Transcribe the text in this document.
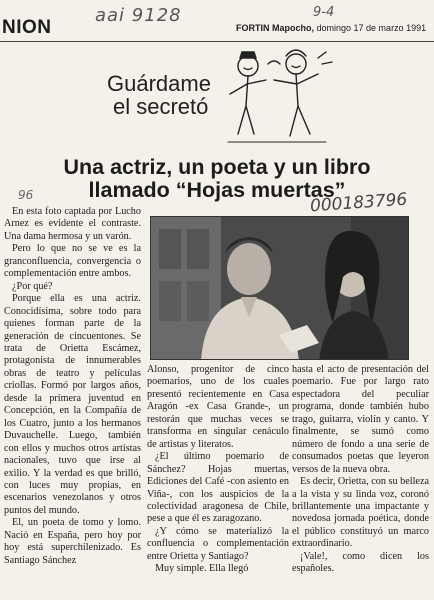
NION
aai 9128	9-4
FORTIN Mapocho, domingo 17 de marzo 1991
Guárdame
el secretó
Una actriz, un poeta y un libro
llamado “Hojas muertas”
96	000183796

En esta foto captada por Lucho Arnez es evidente el contraste. Una dama hermosa y un varón.

Pero lo que no se ve es la granconfluencia, convergencia o complementación entre ambos.

¿Por qué?

Porque ella es una actriz. Conocidísima, sobre todo para quienes forman parte de la generación de cincuentones. Se trata de Orietta Escámez, protagonista de innumerables obras de teatro y películas criollas. Formó por largos años, desde la primera juventud en Concepción, en la Compañía de los Cuatro, junto a los hermanos Duvauchelle. Luego, también con ellos y muchos otros artistas nacionales, tuvo que irse al exilio. Y la verdad es que brilló, con luces muy propias, en escenarios venezolanos y otros puntos del mundo.

El, un poeta de tomo y lomo. Nació en España, pero hoy por hoy está superchilenizado. Es Santiago Sánchez

Alonso, progenitor de cinco poemarios, uno de los cuales presentó recientemente en Casa Aragón -ex Casa Grande-, un restorán que muchas veces se transforma en singular cenáculo de artistas y literatos.

¿El último poemario de Sánchez? Hojas muertas, Ediciones del Café -con asiento en Viña-, con los auspicios de la colectividad aragonesa de Chile, pese a que él es zaragozano.

¿Y cómo se materializó la confluencia o complementación entre Orietta y Santiago?

Muy simple. Ella llegó

hasta el acto de presentación del poemario. Fue por largo rato espectadora del peculiar programa, donde también hubo trago, guitarra, violín y canto. Y finalmente, se sumó como número de fondo a una serie de consumados poetas que leyeron versos de la nueva obra.

Es decir, Orietta, con su belleza a la vista y su linda voz, coronó brillantemente una impactante y novedosa jornada poética, donde el público constituyó un marco extraordinario.

¡Vale!, como dicen los españoles.
